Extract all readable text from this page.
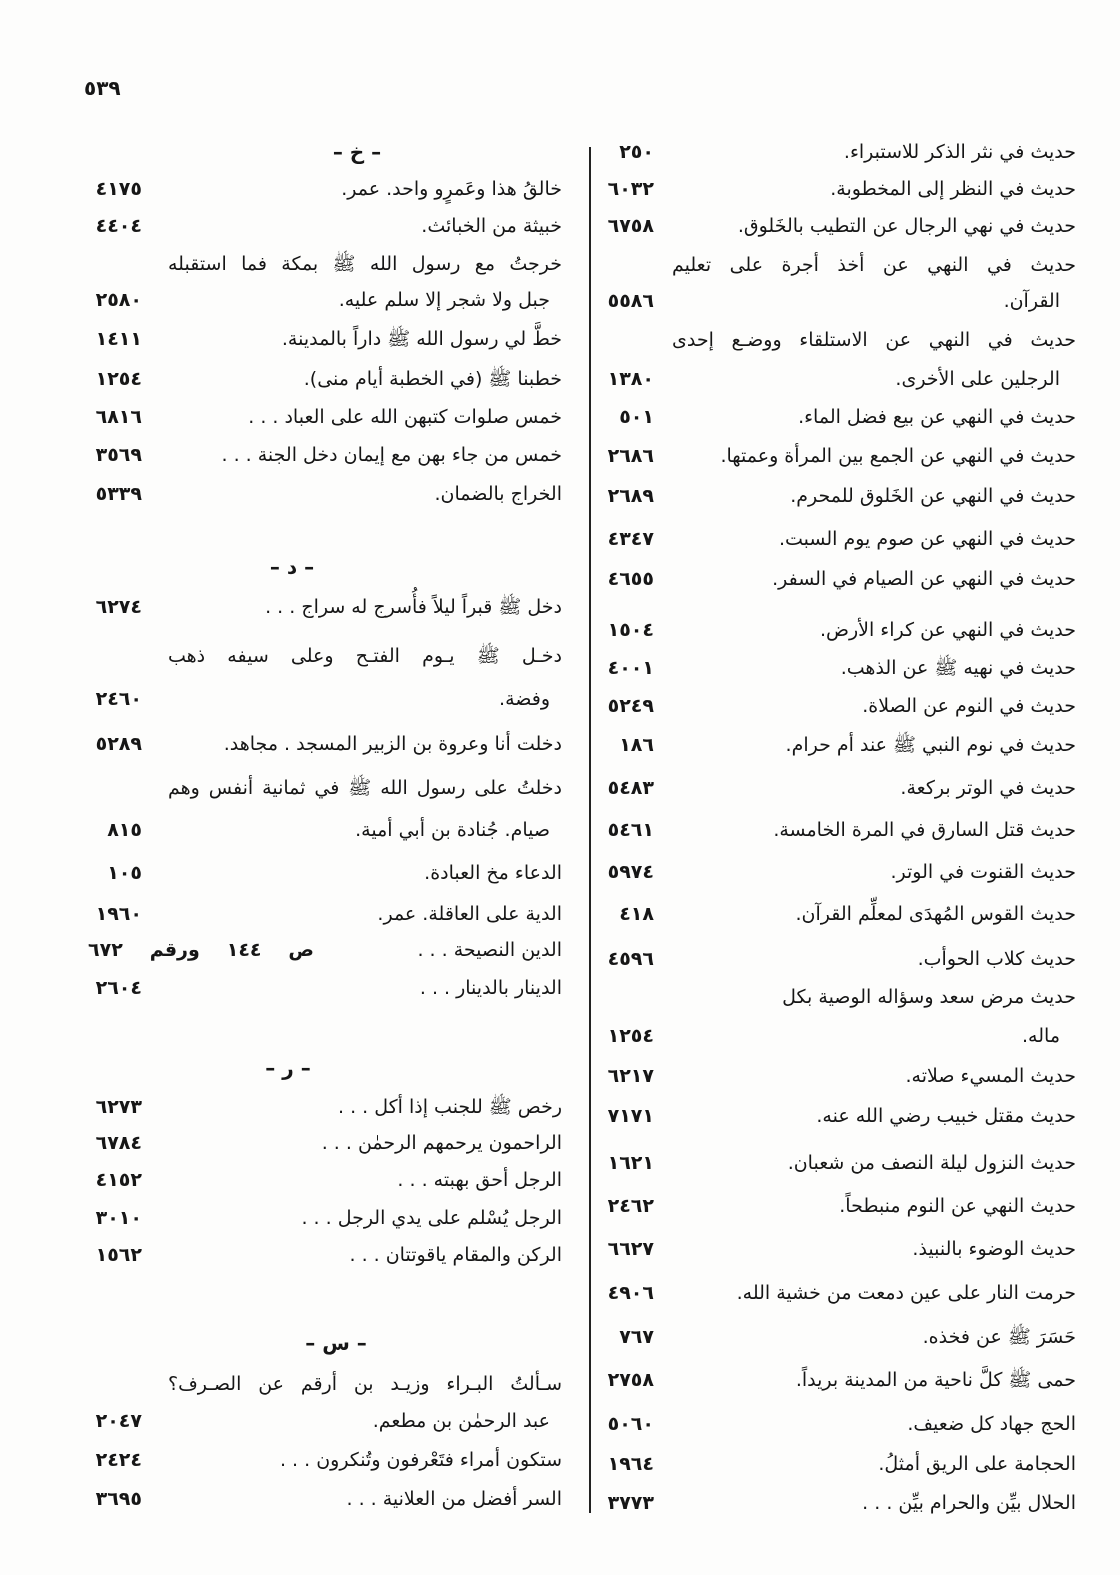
٥٣٩
حديث في نثر الذكر للاستبراء.
٢٥٠
حديث في النظر إلى المخطوبة.
٦٠٣٢
حديث في نهي الرجال عن التطيب بالخَلوق.
٦٧٥٨
حديث في النهي عن أخذ أجرة على تعليم
القرآن.
٥٥٨٦
حديث في النهي عن الاستلقاء ووضـع إحدى
الرجلين على الأخرى.
١٣٨٠
حديث في النهي عن بيع فضل الماء.
٥٠١
حديث في النهي عن الجمع بين المرأة وعمتها.
٢٦٨٦
حديث في النهي عن الخَلوق للمحرم.
٢٦٨٩
حديث في النهي عن صوم يوم السبت.
٤٣٤٧
حديث في النهي عن الصيام في السفر.
٤٦٥٥
حديث في النهي عن كراء الأرض.
١٥٠٤
حديث في نهيه ﷺ عن الذهب.
٤٠٠١
حديث في النوم عن الصلاة.
٥٢٤٩
حديث في نوم النبي ﷺ عند أم حرام.
١٨٦
حديث في الوتر بركعة.
٥٤٨٣
حديث قتل السارق في المرة الخامسة.
٥٤٦١
حديث القنوت في الوتر.
٥٩٧٤
حديث القوس المُهدَى لمعلِّم القرآن.
٤١٨
حديث كلاب الحوأب.
٤٥٩٦
حديث مرض سعد وسؤاله الوصية بكل
ماله.
١٢٥٤
حديث المسيء صلاته.
٦٢١٧
حديث مقتل خبيب رضي الله عنه.
٧١٧١
حديث النزول ليلة النصف من شعبان.
١٦٢١
حديث النهي عن النوم منبطحاً.
٢٤٦٢
حديث الوضوء بالنبيذ.
٦٦٢٧
حرمت النار على عين دمعت من خشية الله.
٤٩٠٦
حَسَرَ ﷺ عن فخذه.
٧٦٧
حمى ﷺ كلَّ ناحية من المدينة بريداً.
٢٧٥٨
الحج جهاد كل ضعيف.
٥٠٦٠
الحجامة على الريق أمثلُ.
١٩٦٤
الحلال بيِّن والحرام بيِّن . . .
٣٧٧٣
– خ –
خالقُ هذا وعَمرٍو واحد. عمر.
٤١٧٥
خبيثة من الخبائث.
٤٤٠٤
خرجتُ مع رسول الله ﷺ بمكة فما استقبله
جبل ولا شجر إلا سلم عليه.
٢٥٨٠
خطَّ لي رسول الله ﷺ داراً بالمدينة.
١٤١١
خطبنا ﷺ (في الخطبة أيام منى).
١٢٥٤
خمس صلوات كتبهن الله على العباد . . .
٦٨١٦
خمس من جاء بهن مع إيمان دخل الجنة . . .
٣٥٦٩
الخراج بالضمان.
٥٣٣٩
– د –
دخل ﷺ قبراً ليلاً فأُسرج له سراج . . .
٦٢٧٤
دخـل ﷺ يـوم الفتـح وعلى سيفه ذهب
وفضة.
٢٤٦٠
دخلت أنا وعروة بن الزبير المسجد . مجاهد.
٥٢٨٩
دخلتُ على رسول الله ﷺ في ثمانية أنفس وهم
صيام. جُنادة بن أبي أمية.
٨١٥
الدعاء مخ العبادة.
١٠٥
الدية على العاقلة. عمر.
١٩٦٠
الدين النصيحة . . .
ص ١٤٤ ورقم ٦٧٢
الدينار بالدينار . . .
٢٦٠٤
– ر –
رخص ﷺ للجنب إذا أكل . . .
٦٢٧٣
الراحمون يرحمهم الرحمٰن . . .
٦٧٨٤
الرجل أحق بهبته . . .
٤١٥٢
الرجل يُسْلم على يدي الرجل . . .
٣٠١٠
الركن والمقام ياقوتتان . . .
١٥٦٢
– س –
سـألتُ البـراء وزيـد بن أرقم عن الصـرف؟
عبد الرحمٰن بن مطعم.
٢٠٤٧
ستكون أمراء فتَعْرفون وتُنكرون . . .
٢٤٢٤
السر أفضل من العلانية . . .
٣٦٩٥
